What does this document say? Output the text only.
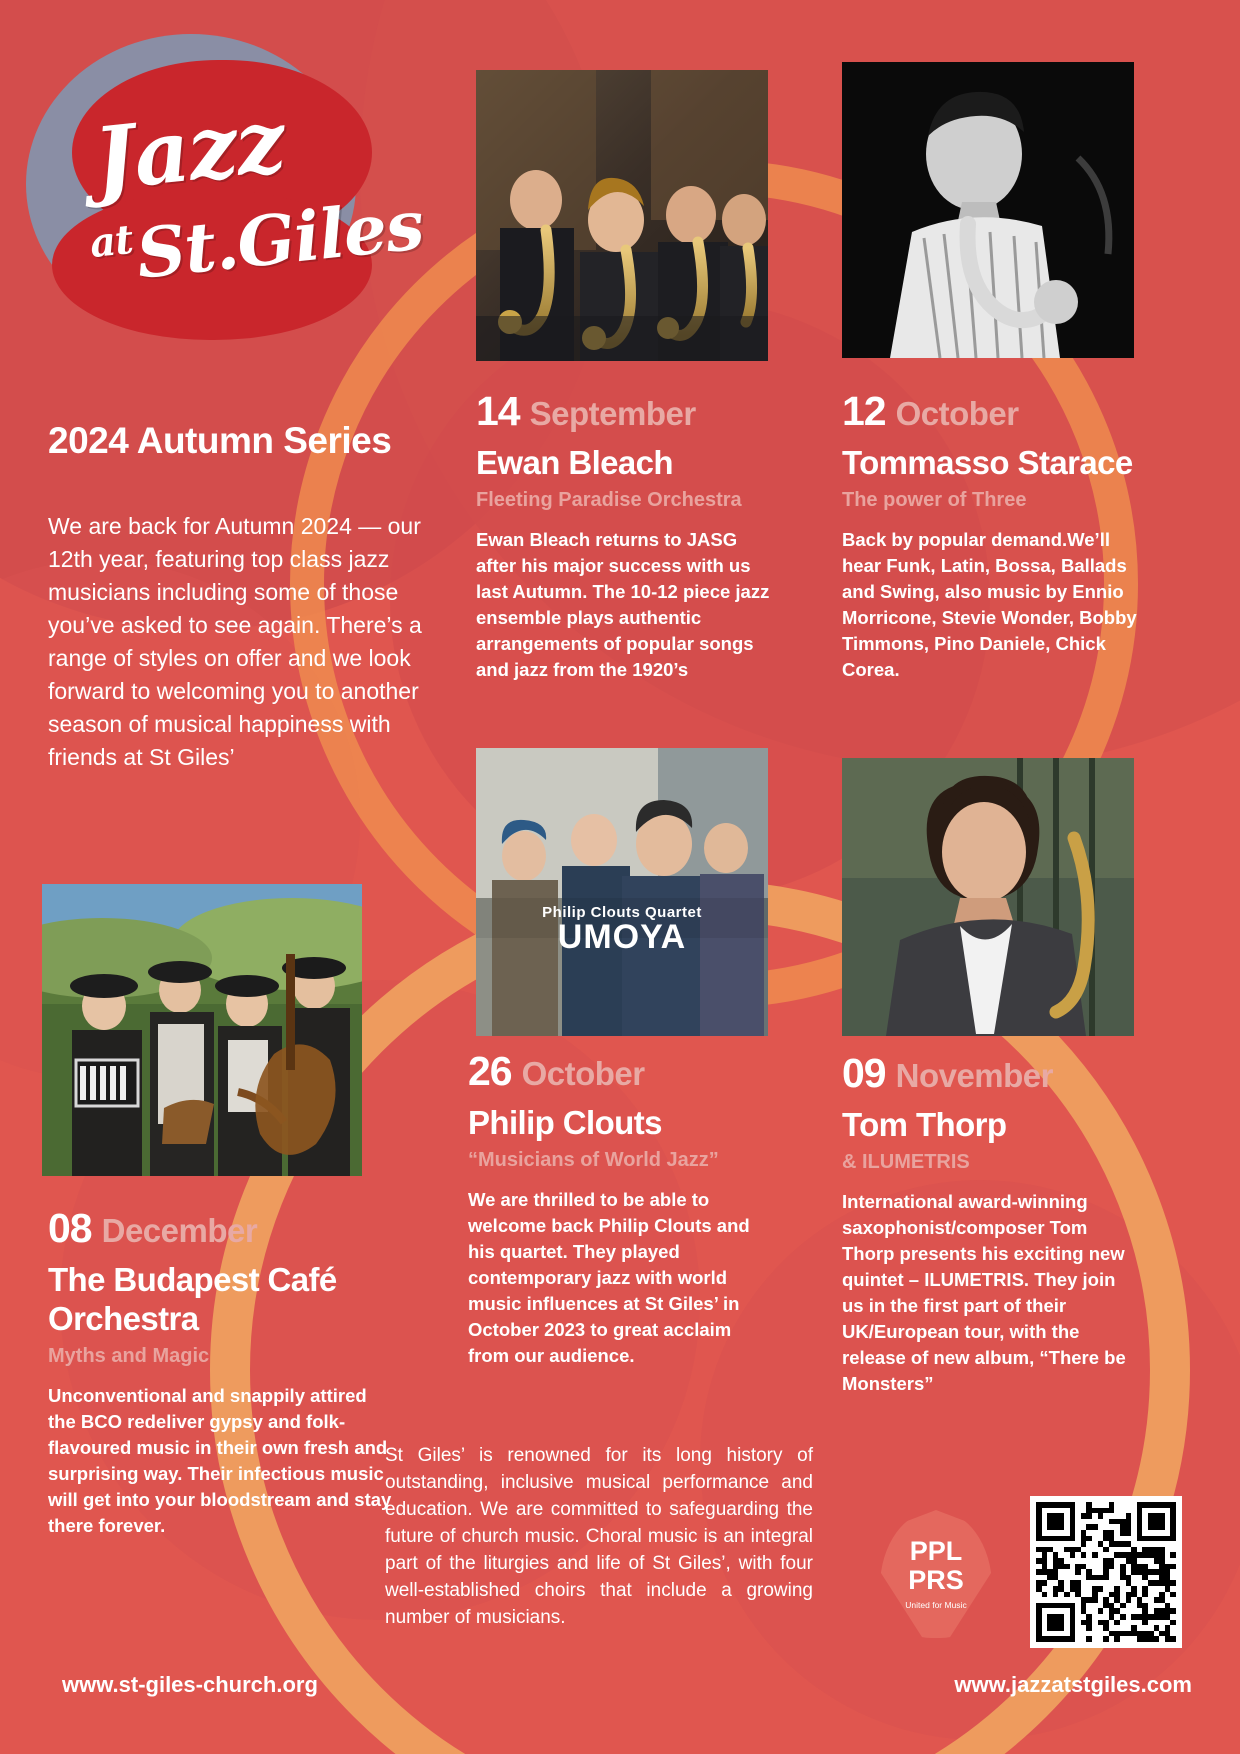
Jazz
at
St.Giles
Philip Clouts Quartet
UMOYA
2024 Autumn Series
We are back for Autumn 2024 — our 12th year, featuring top class jazz musicians including some of those you’ve asked to see again. There’s a range of styles on offer and we look forward to welcoming you to another season of musical happiness with friends at St Giles’
14 September
Ewan Bleach
Fleeting Paradise Orchestra
Ewan Bleach returns to JASG after his major success with us last Autumn. The 10-12 piece jazz ensemble plays authentic arrangements of popular songs and jazz from the 1920’s
12 October
Tommasso Starace
The power of Three
Back by popular demand.We’ll hear Funk, Latin, Bossa, Ballads and Swing, also music by Ennio Morricone, Stevie Wonder, Bobby Timmons, Pino Daniele, Chick Corea.
26 October
Philip Clouts
“Musicians of World Jazz”
We are thrilled to be able to welcome back Philip Clouts and his quartet. They played contemporary jazz with world music influences at St Giles’ in October 2023 to great acclaim from our audience.
09 November
Tom Thorp
& ILUMETRIS
International award-winning saxophonist/composer Tom Thorp presents his exciting new quintet – ILUMETRIS. They join us in the first part of their UK/European tour, with the release of new album, “There be Monsters”
08 December
The Budapest Café Orchestra
Myths and Magic
Unconventional and snappily attired the BCO redeliver gypsy and folk-flavoured music in their own fresh and surprising way. Their infectious music will get into your bloodstream and stay there forever.
St Giles’ is renowned for its long history of outstanding, inclusive musical performance and education. We are committed to safeguarding the future of church music. Choral music is an integral part of the liturgies and life of St Giles’, with four well-established choirs that include a growing number of musicians.
PPL
PRS
United for Music
www.st-giles-church.org	www.jazzatstgiles.com
